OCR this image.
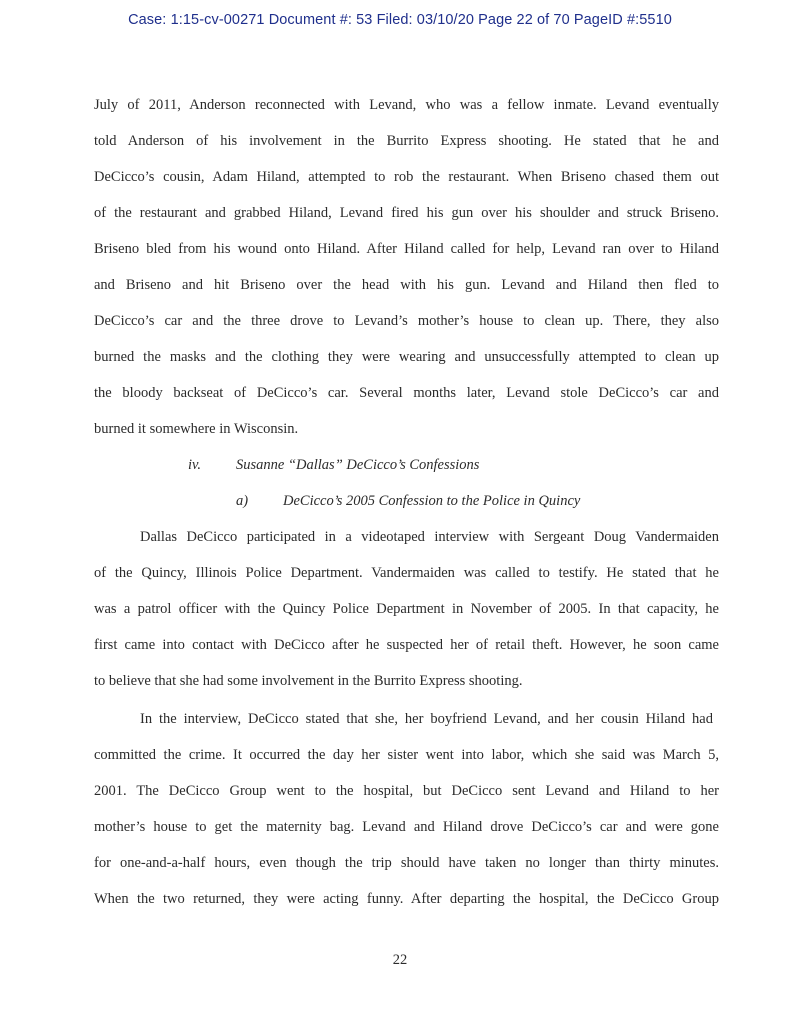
Case: 1:15-cv-00271 Document #: 53 Filed: 03/10/20 Page 22 of 70 PageID #:5510
July of 2011, Anderson reconnected with Levand, who was a fellow inmate. Levand eventually
told Anderson of his involvement in the Burrito Express shooting. He stated that he and
DeCicco’s cousin, Adam Hiland, attempted to rob the restaurant. When Briseno chased them out
of the restaurant and grabbed Hiland, Levand fired his gun over his shoulder and struck Briseno.
Briseno bled from his wound onto Hiland. After Hiland called for help, Levand ran over to Hiland
and Briseno and hit Briseno over the head with his gun. Levand and Hiland then fled to
DeCicco’s car and the three drove to Levand’s mother’s house to clean up. There, they also
burned the masks and the clothing they were wearing and unsuccessfully attempted to clean up
the bloody backseat of DeCicco’s car. Several months later, Levand stole DeCicco’s car and
burned it somewhere in Wisconsin.
iv. Susanne “Dallas” DeCicco’s Confessions
a) DeCicco’s 2005 Confession to the Police in Quincy
Dallas DeCicco participated in a videotaped interview with Sergeant Doug Vandermaiden
of the Quincy, Illinois Police Department. Vandermaiden was called to testify. He stated that he
was a patrol officer with the Quincy Police Department in November of 2005. In that capacity, he
first came into contact with DeCicco after he suspected her of retail theft. However, he soon came
to believe that she had some involvement in the Burrito Express shooting.
In the interview, DeCicco stated that she, her boyfriend Levand, and her cousin Hiland had
committed the crime. It occurred the day her sister went into labor, which she said was March 5,
2001. The DeCicco Group went to the hospital, but DeCicco sent Levand and Hiland to her
mother’s house to get the maternity bag. Levand and Hiland drove DeCicco’s car and were gone
for one-and-a-half hours, even though the trip should have taken no longer than thirty minutes.
When the two returned, they were acting funny. After departing the hospital, the DeCicco Group
22
